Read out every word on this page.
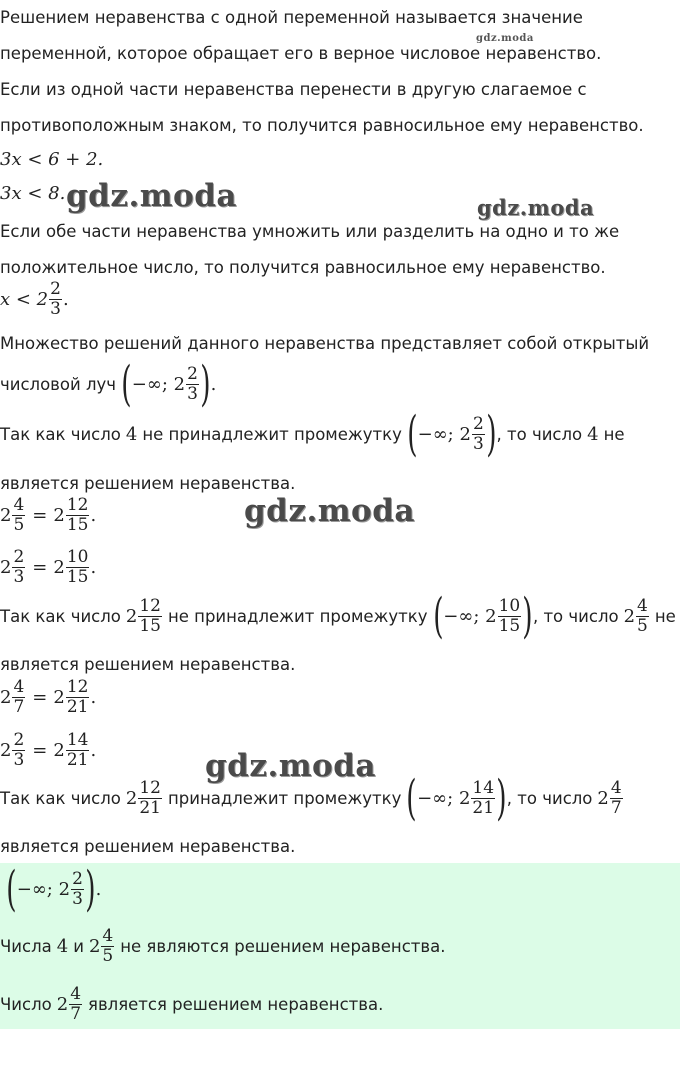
Решением неравенства с одной переменной называется значение
переменной, которое обращает его в верное числовое неравенство.
gdz.moda
Если из одной части неравенства перенести в другую слагаемое с
противоположным знаком, то получится равносильное ему неравенство.
3x < 6 + 2.
3x < 8. gdz.moda	gdz.moda
Если обе части неравенства умножить или разделить на одно и то же
положительное число, то получится равносильное ему неравенство.
$x < 2 \frac{2}{3}$ .
Множество решений данного неравенства представляет собой открытый
числовой луч ( −∞; $2 \frac{2}{3}$ ) .
Так как число 4 не принадлежит промежутку ( −∞; $2 \frac{2}{3}$ ) , то число 4 не
является решением неравенства.
$2 \frac{4}{5} = 2 \frac{12}{15}$ .	gdz.moda
$2 \frac{2}{3} = 2 \frac{10}{15}$ .
Так как число $2 \frac{12}{15}$ не принадлежит промежутку ( −∞; $2 \frac{10}{15}$ ) , то число $2 \frac{4}{5}$ не
является решением неравенства.
$2 \frac{4}{7} = 2 \frac{12}{21}$ .
$2 \frac{2}{3} = 2 \frac{14}{21}$ .	gdz.moda
Так как число $2 \frac{12}{21}$ принадлежит промежутку ( −∞; $2 \frac{14}{21}$ ) , то число $2 \frac{4}{7}$
является решением неравенства.
( −∞; $2 \frac{2}{3}$ ) .
Числа 4 и $2 \frac{4}{5}$ не являются решением неравенства.
Число $2 \frac{4}{7}$ является решением неравенства.
